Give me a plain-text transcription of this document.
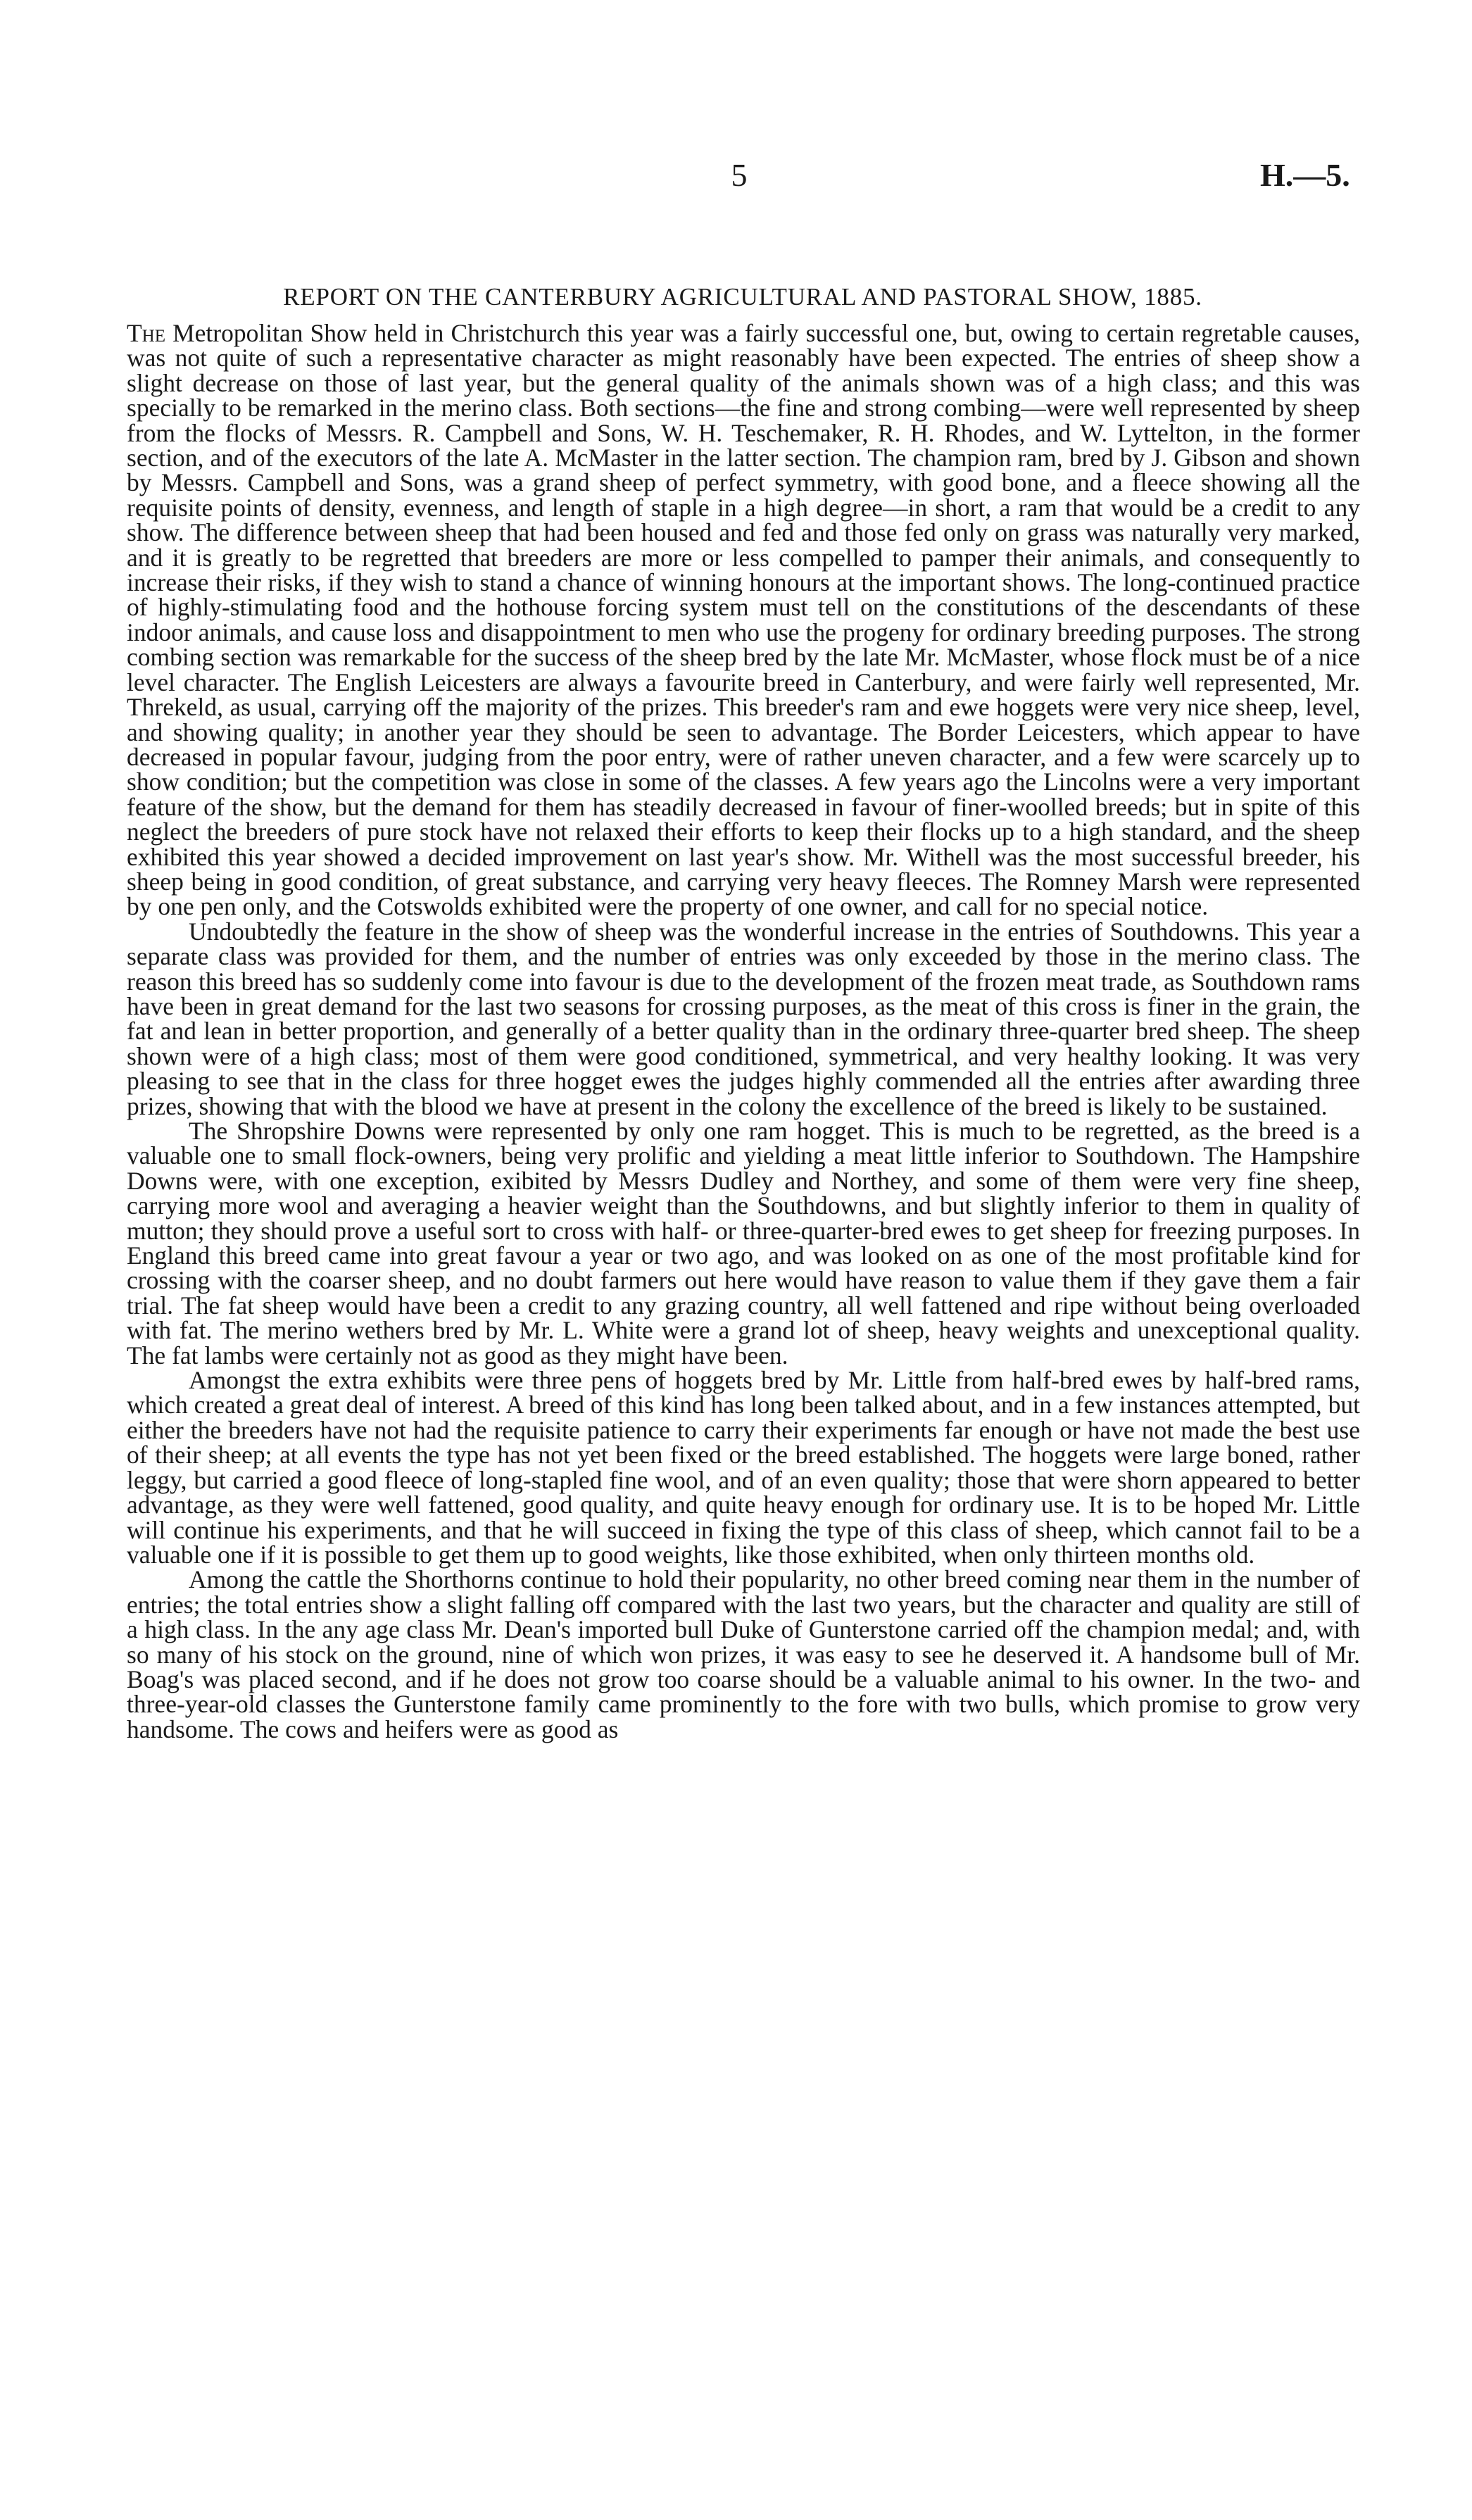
5	H.—5.
REPORT ON THE CANTERBURY AGRICULTURAL AND PASTORAL SHOW, 1885.

The Metropolitan Show held in Christchurch this year was a fairly successful one, but, owing to certain regretable causes, was not quite of such a representative character as might reasonably have been expected. The entries of sheep show a slight decrease on those of last year, but the general quality of the animals shown was of a high class; and this was specially to be remarked in the merino class. Both sections—the fine and strong combing—were well represented by sheep from the flocks of Messrs. R. Campbell and Sons, W. H. Teschemaker, R. H. Rhodes, and W. Lyttelton, in the former section, and of the executors of the late A. McMaster in the latter section. The champion ram, bred by J. Gibson and shown by Messrs. Campbell and Sons, was a grand sheep of perfect symmetry, with good bone, and a fleece showing all the requisite points of density, evenness, and length of staple in a high degree—in short, a ram that would be a credit to any show. The difference between sheep that had been housed and fed and those fed only on grass was naturally very marked, and it is greatly to be regretted that breeders are more or less compelled to pamper their animals, and consequently to increase their risks, if they wish to stand a chance of winning honours at the important shows. The long-continued practice of highly-stimulating food and the hothouse forcing system must tell on the constitutions of the descendants of these indoor animals, and cause loss and disappointment to men who use the progeny for ordinary breeding purposes. The strong combing section was remarkable for the success of the sheep bred by the late Mr. McMaster, whose flock must be of a nice level character. The English Leicesters are always a favourite breed in Canterbury, and were fairly well represented, Mr. Threkeld, as usual, carrying off the majority of the prizes. This breeder's ram and ewe hoggets were very nice sheep, level, and showing quality; in another year they should be seen to advantage. The Border Leicesters, which appear to have decreased in popular favour, judging from the poor entry, were of rather uneven character, and a few were scarcely up to show condition; but the competition was close in some of the classes. A few years ago the Lincolns were a very important feature of the show, but the demand for them has steadily decreased in favour of finer-woolled breeds; but in spite of this neglect the breeders of pure stock have not relaxed their efforts to keep their flocks up to a high standard, and the sheep exhibited this year showed a decided improvement on last year's show. Mr. Withell was the most successful breeder, his sheep being in good condition, of great substance, and carrying very heavy fleeces. The Romney Marsh were represented by one pen only, and the Cotswolds exhibited were the property of one owner, and call for no special notice.

Undoubtedly the feature in the show of sheep was the wonderful increase in the entries of Southdowns. This year a separate class was provided for them, and the number of entries was only exceeded by those in the merino class. The reason this breed has so suddenly come into favour is due to the development of the frozen meat trade, as Southdown rams have been in great demand for the last two seasons for crossing purposes, as the meat of this cross is finer in the grain, the fat and lean in better proportion, and generally of a better quality than in the ordinary three-quarter bred sheep. The sheep shown were of a high class; most of them were good conditioned, symmetrical, and very healthy looking. It was very pleasing to see that in the class for three hogget ewes the judges highly commended all the entries after awarding three prizes, showing that with the blood we have at present in the colony the excellence of the breed is likely to be sustained.

The Shropshire Downs were represented by only one ram hogget. This is much to be regretted, as the breed is a valuable one to small flock-owners, being very prolific and yielding a meat little inferior to Southdown. The Hampshire Downs were, with one exception, exibited by Messrs Dudley and Northey, and some of them were very fine sheep, carrying more wool and averaging a heavier weight than the Southdowns, and but slightly inferior to them in quality of mutton; they should prove a useful sort to cross with half- or three-quarter-bred ewes to get sheep for freezing purposes. In England this breed came into great favour a year or two ago, and was looked on as one of the most profitable kind for crossing with the coarser sheep, and no doubt farmers out here would have reason to value them if they gave them a fair trial. The fat sheep would have been a credit to any grazing country, all well fattened and ripe without being overloaded with fat. The merino wethers bred by Mr. L. White were a grand lot of sheep, heavy weights and unexceptional quality. The fat lambs were certainly not as good as they might have been.

Amongst the extra exhibits were three pens of hoggets bred by Mr. Little from half-bred ewes by half-bred rams, which created a great deal of interest. A breed of this kind has long been talked about, and in a few instances attempted, but either the breeders have not had the requisite patience to carry their experiments far enough or have not made the best use of their sheep; at all events the type has not yet been fixed or the breed established. The hoggets were large boned, rather leggy, but carried a good fleece of long-stapled fine wool, and of an even quality; those that were shorn appeared to better advantage, as they were well fattened, good quality, and quite heavy enough for ordinary use. It is to be hoped Mr. Little will continue his experiments, and that he will succeed in fixing the type of this class of sheep, which cannot fail to be a valuable one if it is possible to get them up to good weights, like those exhibited, when only thirteen months old.

Among the cattle the Shorthorns continue to hold their popularity, no other breed coming near them in the number of entries; the total entries show a slight falling off compared with the last two years, but the character and quality are still of a high class. In the any age class Mr. Dean's imported bull Duke of Gunterstone carried off the champion medal; and, with so many of his stock on the ground, nine of which won prizes, it was easy to see he deserved it. A handsome bull of Mr. Boag's was placed second, and if he does not grow too coarse should be a valuable animal to his owner. In the two- and three-year-old classes the Gunterstone family came prominently to the fore with two bulls, which promise to grow very handsome. The cows and heifers were as good as
